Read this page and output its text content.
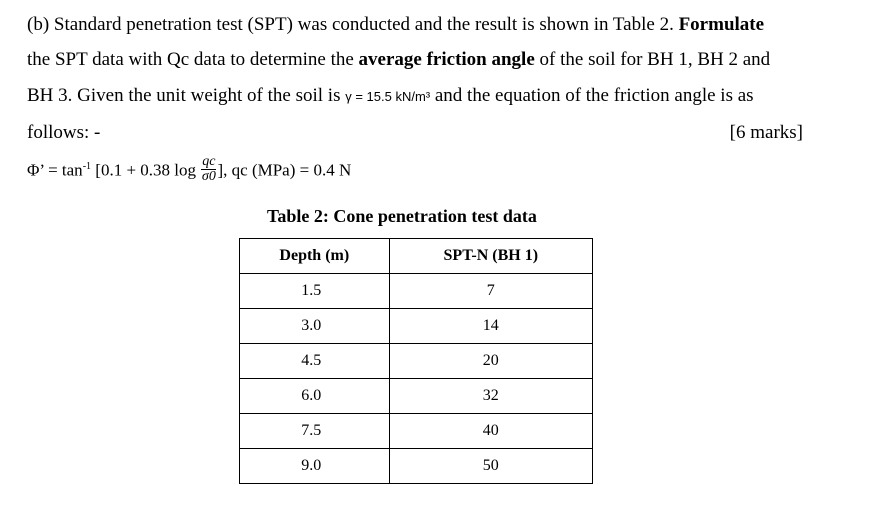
(b) Standard penetration test (SPT) was conducted and the result is shown in Table 2. Formulate
the SPT data with Qc data to determine the average friction angle of the soil for BH 1, BH 2 and
BH 3. Given the unit weight of the soil is γ = 15.5 kN/m³ and the equation of the friction angle is as
follows: -	[6 marks]
Φ’ = $\tan^{-1} [0.1 + 0.38$ $\log \frac{qc}{\sigma 0}$ ], qc (MPa) = 0.4 N
Table 2: Cone penetration test data
Depth (m)	SPT-N (BH 1)
1.5	7
3.0	14
4.5	20
6.0	32
7.5	40
9.0	50
